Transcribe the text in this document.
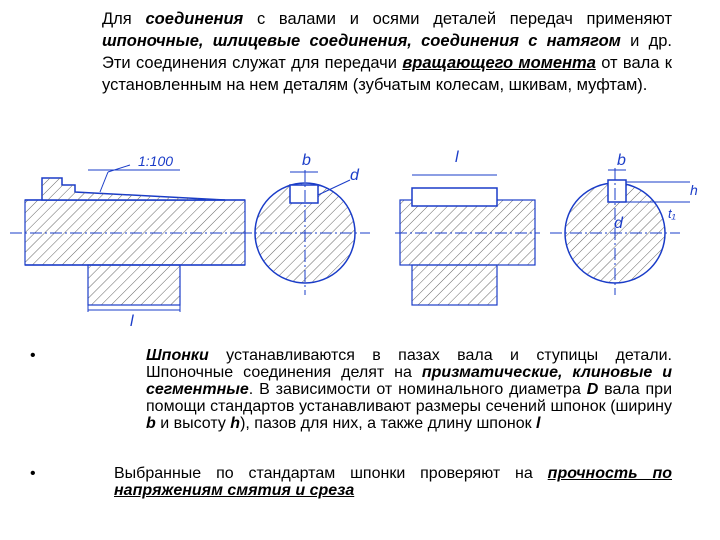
Для соединения с валами и осями деталей передач применяют шпоночные, шлицевые соединения, соединения с натягом и др. Эти соединения служат для передачи вращающего момента от вала к установленным на нем деталям (зубчатым колесам, шкивам, муфтам).
1:100
l
b
d
l	b
h
t₁
d
•	Шпонки устанавливаются в пазах вала и ступицы детали. Шпоночные соединения делят на призматические, клиновые и сегментные. В зависимости от номинального диаметра D вала при помощи стандартов устанавливают размеры сечений шпонок (ширину b и высоту h), пазов для них, а также длину шпонок l
•	Выбранные по стандартам шпонки проверяют на прочность по напряжениям смятия и среза
